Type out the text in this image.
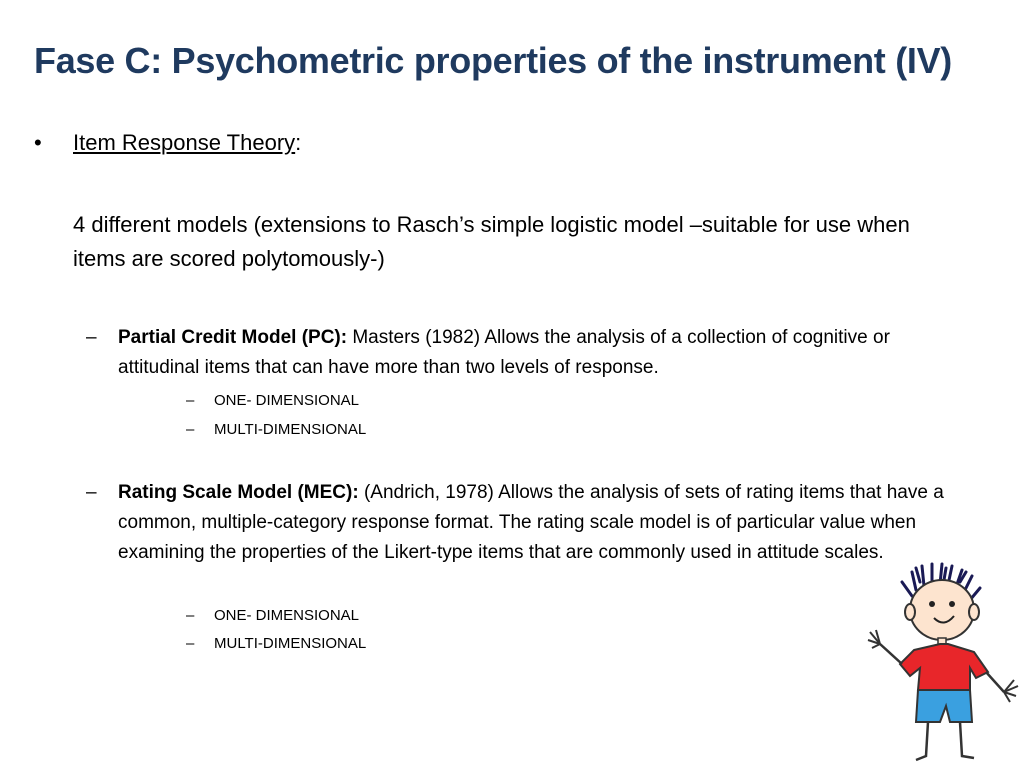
Fase C: Psychometric properties of the instrument (IV)
• Item Response Theory:
4 different models (extensions to Rasch’s simple logistic model –suitable for use when items are scored polytomously-)
– Partial Credit Model (PC): Masters (1982) Allows the analysis of a collection of cognitive or attitudinal items that can have more than two levels of response.
– ONE- DIMENSIONAL
– MULTI-DIMENSIONAL
– Rating Scale Model (MEC): (Andrich, 1978) Allows the analysis of sets of rating items that have a common, multiple-category response format. The rating scale model is of particular value when examining the properties of the Likert-type items that are commonly used in attitude scales.
– ONE- DIMENSIONAL
– MULTI-DIMENSIONAL
